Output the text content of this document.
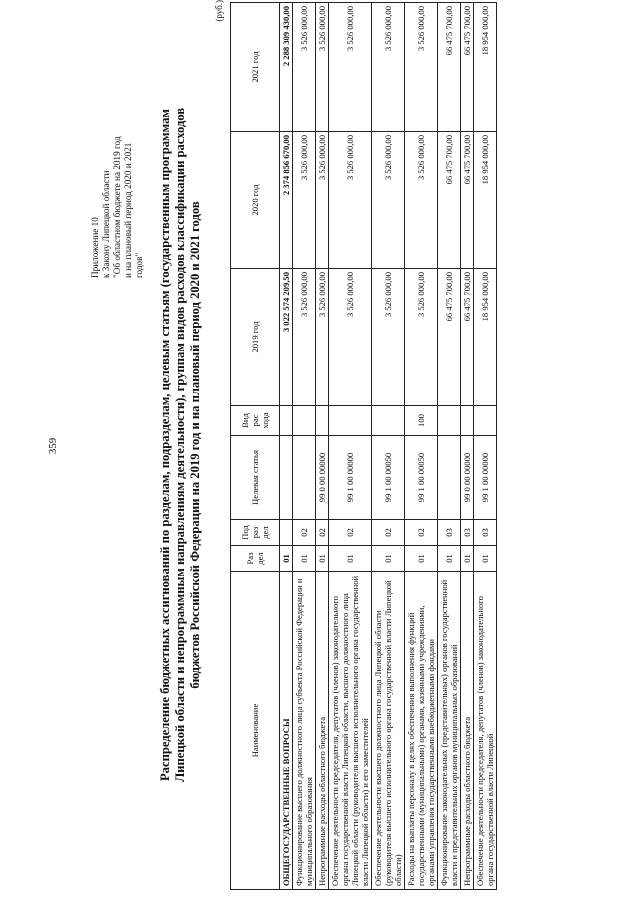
359
Приложение 10 к Закону Липецкой области "Об областном бюджете на 2019 год и на плановый период 2020 и 2021 годов" Распределение бюджетных ассигнований по разделам, подразделам, целевым статьям (государственным программам Липецкой области и непрограммным направлениям деятельности), группам видов расходов классификации расходов бюджетов Российской Федерации на 2019 год и на плановый период 2020 и 2021 годов
(руб.)
Наименование	Раз дел	Под раз дел	Целевая статья	Вид рас хода	2019 год	2020 год	2021 год
ОБЩЕГОСУДАРСТВЕННЫЕ ВОПРОСЫ	01				3 022 574 209,50	2 374 856 670,00	2 288 309 430,00
Функционирование высшего должностного лица субъекта Российской Федерации и муниципального образования	01	02			3 526 000,00	3 526 000,00	3 526 000,00
Непрограммные расходы областного бюджета	01	02	99 0 00 00000		3 526 000,00	3 526 000,00	3 526 000,00
Обеспечение деятельности председателя, депутатов (членов) законодательного органа государственной власти Липецкой области, высшего должностного лица Липецкой области (руководителя высшего исполнительного органа государственной власти Липецкой области) и его заместителей	01	02	99 1 00 00000		3 526 000,00	3 526 000,00	3 526 000,00
Обеспечение деятельности высшего должностного лица Липецкой области (руководителя высшего исполнительного органа государственной власти Липецкой области)	01	02	99 1 00 00050		3 526 000,00	3 526 000,00	3 526 000,00
Расходы на выплаты персоналу в целях обеспечения выполнения функций государственными (муниципальными) органами, казенными учреждениями, органами управления государственными внебюджетными фондами	01	02	99 1 00 00050	100	3 526 000,00	3 526 000,00	3 526 000,00
Функционирование законодательных (представительных) органов государственной власти и представительных органов муниципальных образований	01	03			66 475 700,00	66 475 700,00	66 475 700,00
Непрограммные расходы областного бюджета	01	03	99 0 00 00000		66 475 700,00	66 475 700,00	66 475 700,00
Обеспечение деятельности председателя, депутатов (членов) законодательного органа государственной власти Липецкой	01	03	99 1 00 00000		18 954 000,00	18 954 000,00	18 954 000,00
